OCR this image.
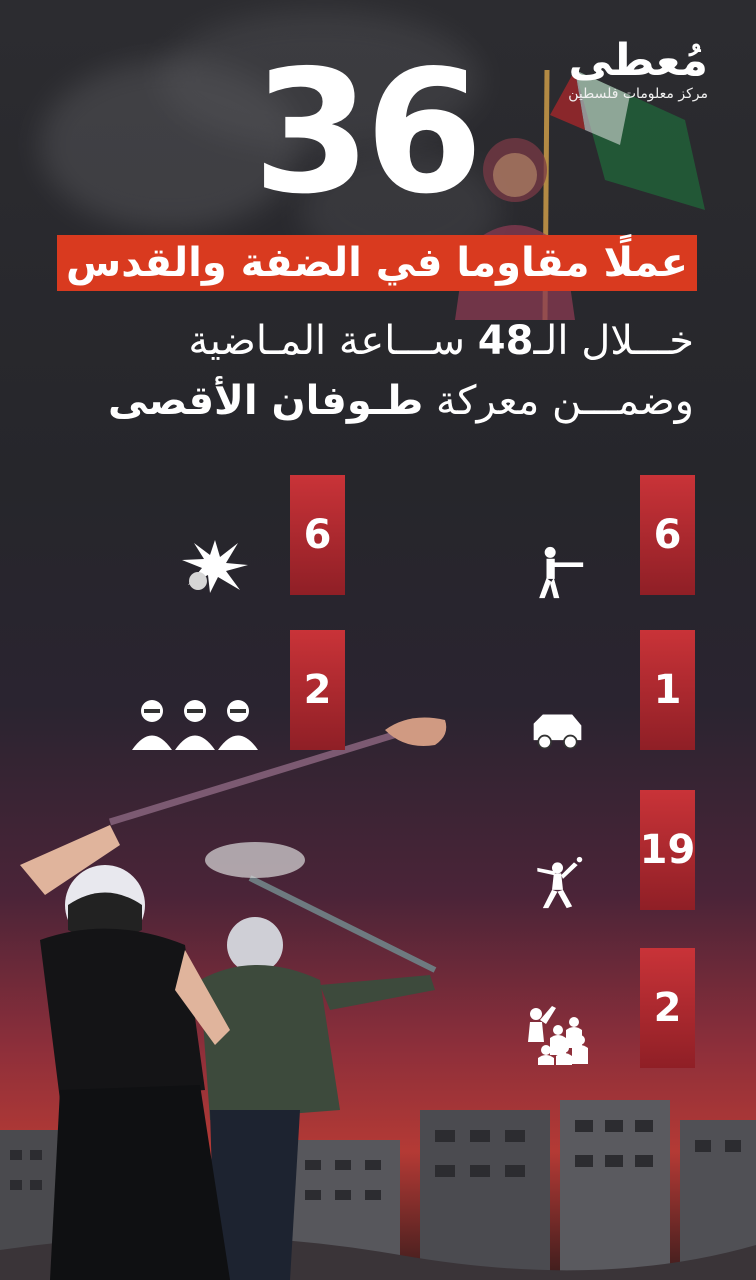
مُعطى
مركز معلومات فلسطين
36
عملًا مقاوما في الضفة والقدس
خـــلال الـ48 ســـاعة المـاضية
وضمـــن معركة طـوفان الأقصى
6
6
1
2
19
2
